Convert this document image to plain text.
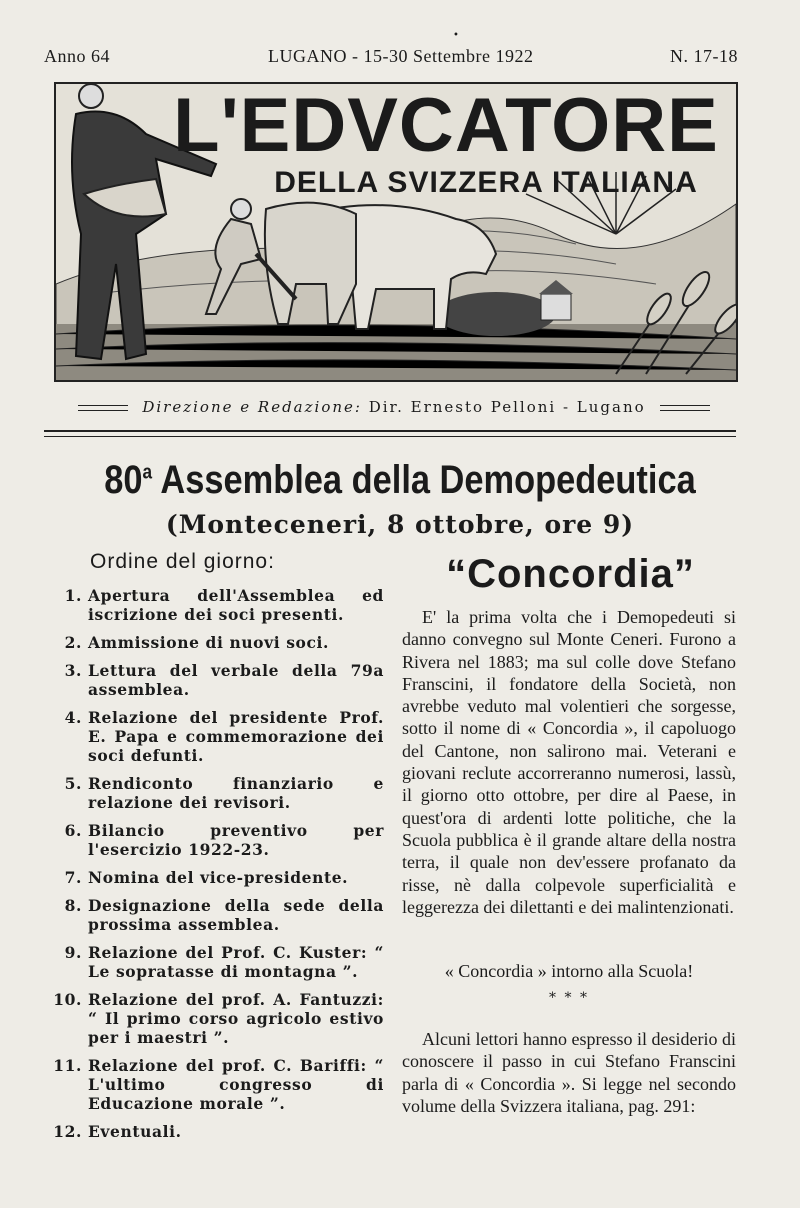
•
Anno 64	LUGANO - 15-30 Settembre 1922	N. 17-18
L'EDVCATORE
DELLA SVIZZERA ITALIANA
Direzione e Redazione: Dir. Ernesto Pelloni - Lugano
80$^a$ Assemblea della Demopedeutica
(Monteceneri, 8 ottobre, ore 9)
Ordine del giorno:
1. Apertura dell'Assemblea ed iscrizione dei soci presenti.
2. Ammissione di nuovi soci.
3. Lettura del verbale della 79a assemblea.
4. Relazione del presidente Prof. E. Papa e commemorazione dei soci defunti.
5. Rendiconto finanziario e relazione dei revisori.
6. Bilancio preventivo per l'esercizio 1922-23.
7. Nomina del vice-presidente.
8. Designazione della sede della prossima assemblea.
9. Relazione del Prof. C. Kuster: “ Le sopratasse di montagna ”.
10. Relazione del prof. A. Fantuzzi: “ Il primo corso agricolo estivo per i maestri ”.
11. Relazione del prof. C. Bariffi: “ L'ultimo congresso di Educazione morale ”.
12. Eventuali.
“Concordia”
E' la prima volta che i Demopedeuti si danno convegno sul Monte Ceneri. Furono a Rivera nel 1883; ma sul colle dove Stefano Franscini, il fondatore della Società, non avrebbe veduto mal volentieri che sorgesse, sotto il nome di « Concordia », il capoluogo del Cantone, non salirono mai. Veterani e giovani reclute accorreranno numerosi, lassù, il giorno otto ottobre, per dire al Paese, in quest'ora di ardenti lotte politiche, che la Scuola pubblica è il grande altare della nostra terra, il quale non dev'essere profanato da risse, nè dalla colpevole superficialità e leggerezza dei dilettanti e dei malintenzionati.
« Concordia » intorno alla Scuola!
* * *
Alcuni lettori hanno espresso il desiderio di conoscere il passo in cui Stefano Franscini parla di « Concordia ». Si legge nel secondo volume della Svizzera italiana, pag. 291:
